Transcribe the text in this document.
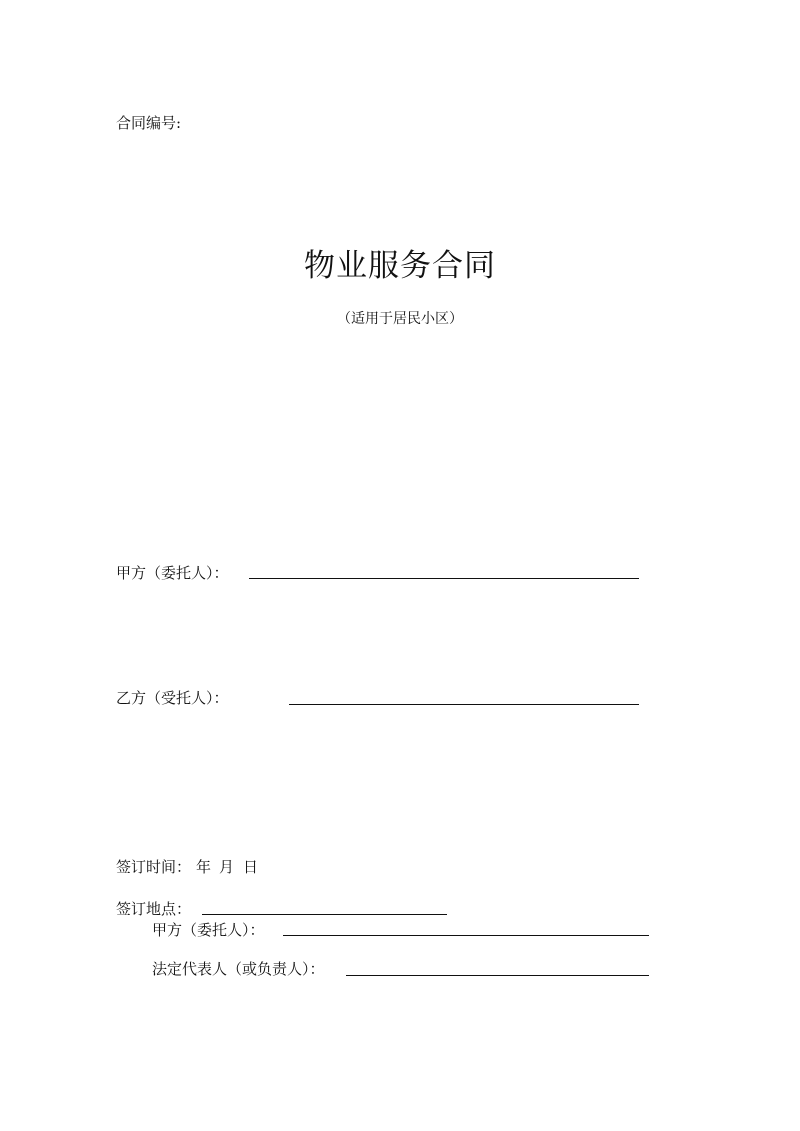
合同编号:
物业服务合同
（适用于居民小区）
甲方（委托人）：
乙方（受托人）：
签订时间： 年 月 日
签订地点：
甲方（委托人）：
法定代表人（或负责人）：
